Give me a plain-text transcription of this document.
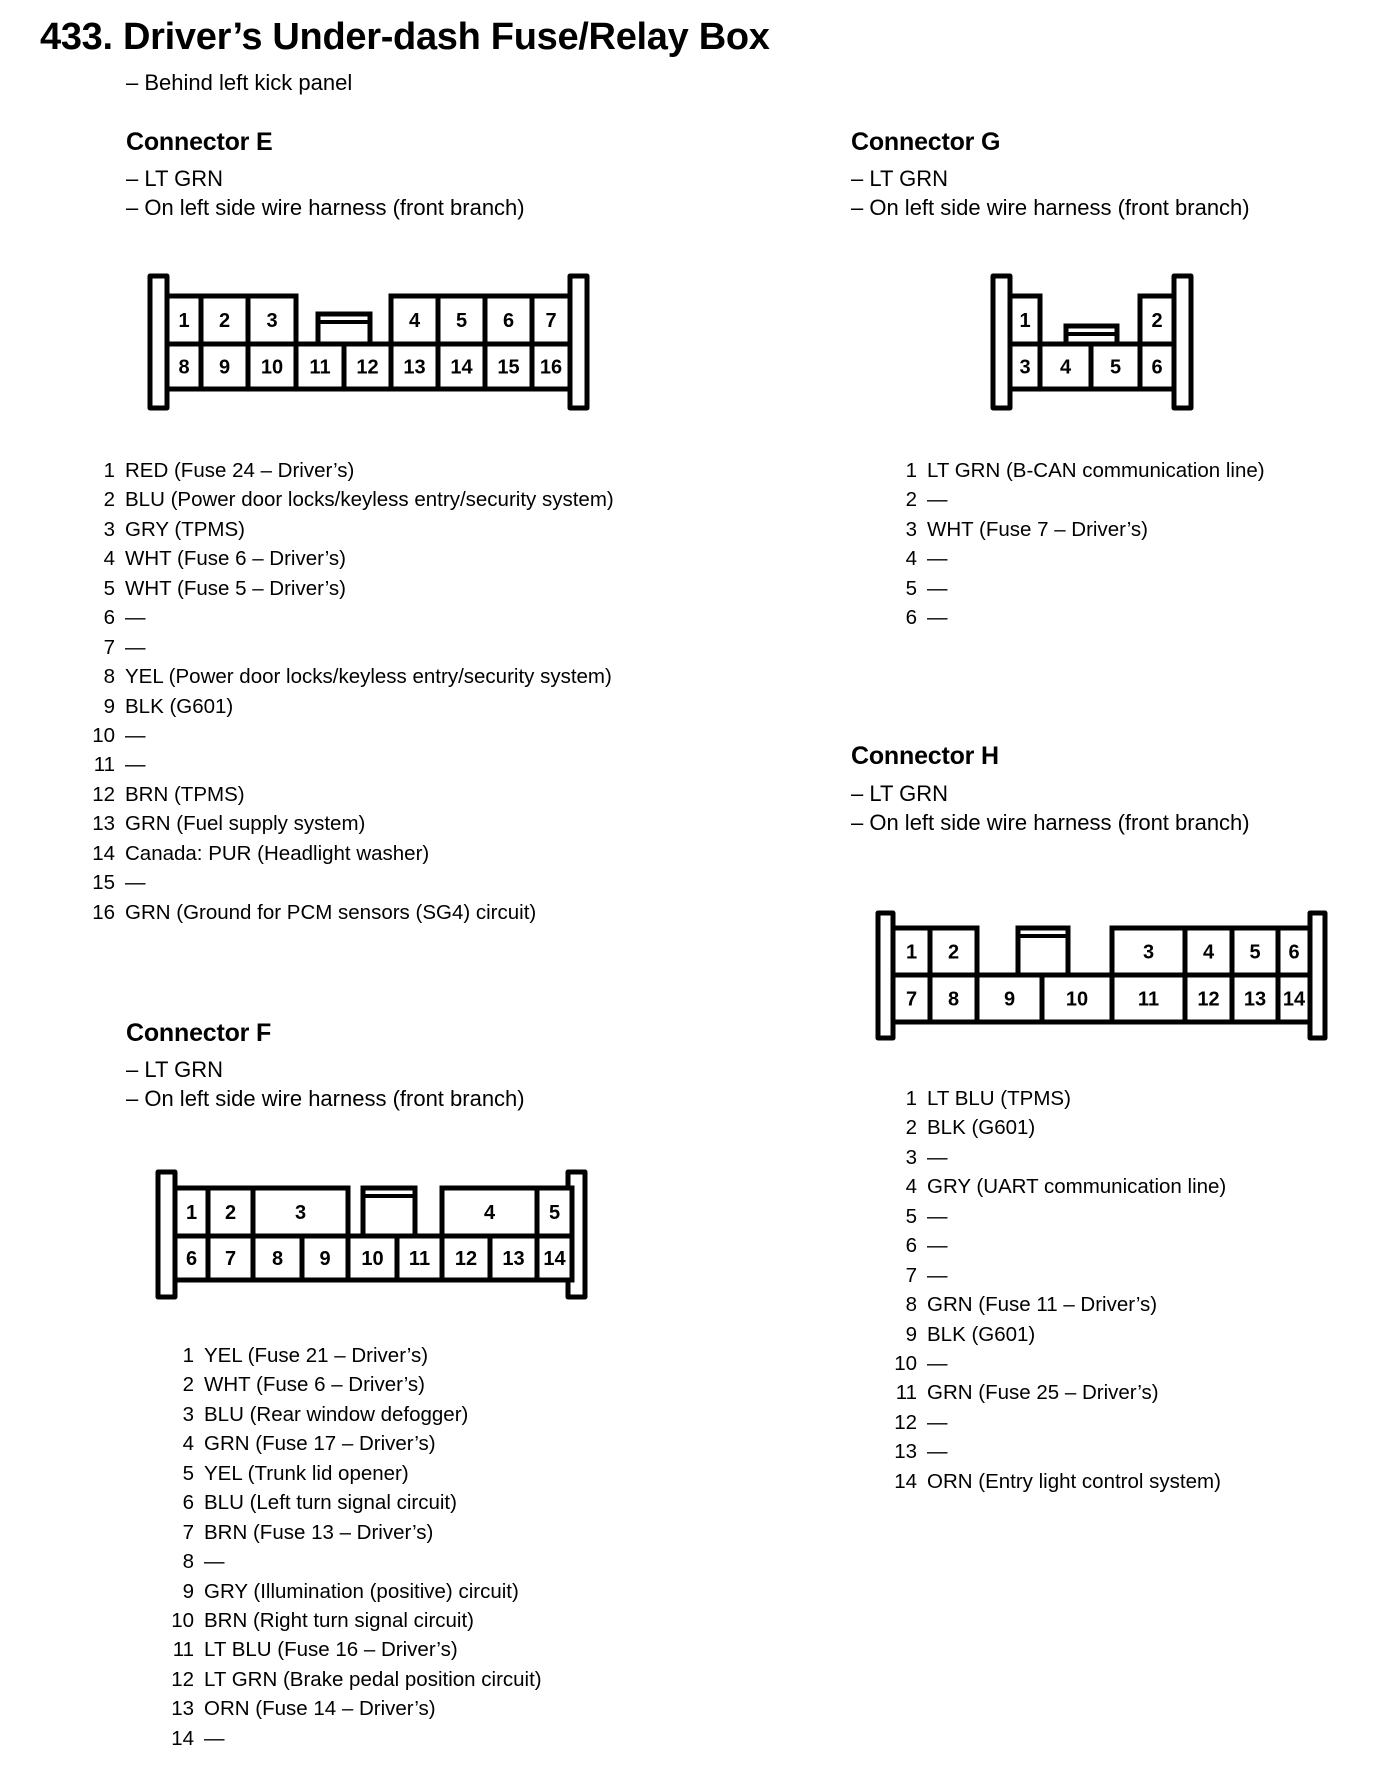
433. Driver’s Under-dash Fuse/Relay Box
– Behind left kick panel
Connector E
– LT GRN
– On left side wire harness (front branch)
1 RED (Fuse 24 – Driver’s)
2 BLU (Power door locks/keyless entry/security system)
3 GRY (TPMS)
4 WHT (Fuse 6 – Driver’s)
5 WHT (Fuse 5 – Driver’s)
6 —
7 —
8 YEL (Power door locks/keyless entry/security system)
9 BLK (G601)
10 —
11 —
12 BRN (TPMS)
13 GRN (Fuel supply system)
14 Canada: PUR (Headlight washer)
15 —
16 GRN (Ground for PCM sensors (SG4) circuit)
Connector G
– LT GRN
– On left side wire harness (front branch)
1 LT GRN (B-CAN communication line)
2 —
3 WHT (Fuse 7 – Driver’s)
4 —
5 —
6 —
Connector H
– LT GRN
– On left side wire harness (front branch)
1 LT BLU (TPMS)
2 BLK (G601)
3 —
4 GRY (UART communication line)
5 —
6 —
7 —
8 GRN (Fuse 11 – Driver’s)
9 BLK (G601)
10 —
11 GRN (Fuse 25 – Driver’s)
12 —
13 —
14 ORN (Entry light control system)
Connector F
– LT GRN
– On left side wire harness (front branch)
1 YEL (Fuse 21 – Driver’s)
2 WHT (Fuse 6 – Driver’s)
3 BLU (Rear window defogger)
4 GRN (Fuse 17 – Driver’s)
5 YEL (Trunk lid opener)
6 BLU (Left turn signal circuit)
7 BRN (Fuse 13 – Driver’s)
8 —
9 GRY (Illumination (positive) circuit)
10 BRN (Right turn signal circuit)
11 LT BLU (Fuse 16 – Driver’s)
12 LT GRN (Brake pedal position circuit)
13 ORN (Fuse 14 – Driver’s)
14 —
1 2 3	4 5 6 7
8 9 10 11 12 13 14 15 16
1	2
3 4 5 6
1 2	3 4 5 6
7 8 9	10 11 12 13 14
1 2	3	4	5
6 7 8 9 10 11 12 13 14
